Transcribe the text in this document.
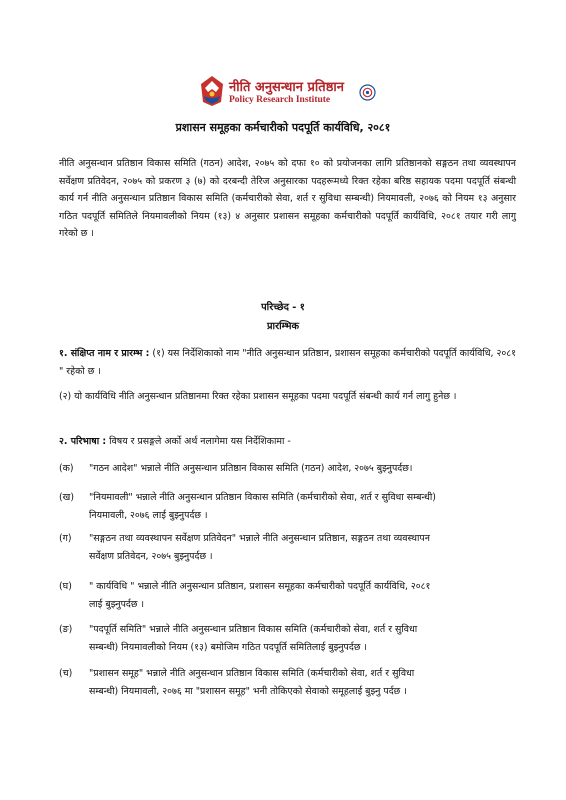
नीति अनुसन्धान प्रतिष्ठान
Policy Research Institute
प्रशासन समूहका कर्मचारीको पदपूर्ति कार्यविधि, २०८१
नीति अनुसन्धान प्रतिष्ठान विकास समिति (गठन) आदेश, २०७५ को दफा १० को प्रयोजनका लागि प्रतिष्ठानको सङ्गठन तथा व्यवस्थापन सर्वेक्षण प्रतिवेदन, २०७५ को प्रकरण ३ (७) को दरबन्दी तेरिज अनुसारका पदहरूमध्ये रिक्त रहेका बरिष्ठ सहायक पदमा पदपूर्ति संबन्धी कार्य गर्न नीति अनुसन्धान प्रतिष्ठान विकास समिति (कर्मचारीको सेवा, शर्त र सुविधा सम्बन्धी) नियमावली, २०७६ को नियम १३ अनुसार गठित पदपूर्ति समितिले नियमावलीको नियम (१३) ४ अनुसार प्रशासन समूहका कर्मचारीको पदपूर्ति कार्यविधि, २०८१ तयार गरी लागु गरेको छ ।
परिच्छेद - १
प्रारम्भिक
१. संक्षिप्त नाम र प्रारम्भ : (१) यस निर्देशिकाको नाम "नीति अनुसन्धान प्रतिष्ठान, प्रशासन समूहका कर्मचारीको पदपूर्ति कार्यविधि, २०८१ " रहेको छ ।
(२) यो कार्यविधि नीति अनुसन्धान प्रतिष्ठानमा रिक्त रहेका प्रशासन समूहका पदमा पदपूर्ति संबन्धी कार्य गर्न लागु हुनेछ ।
२. परिभाषा : विषय र प्रसङ्गले अर्को अर्थ नलागेमा यस निर्देशिकामा -
(क) "गठन आदेश" भन्नाले नीति अनुसन्धान प्रतिष्ठान विकास समिति (गठन) आदेश, २०७५ बुझ्नुपर्दछ।
(ख) "नियमावली" भन्नाले नीति अनुसन्धान प्रतिष्ठान विकास समिति (कर्मचारीको सेवा, शर्त र सुविधा सम्बन्धी)
नियमावली, २०७६ लाई बुझ्नुपर्दछ ।
(ग) "सङ्गठन तथा व्यवस्थापन सर्वेक्षण प्रतिवेदन" भन्नाले नीति अनुसन्धान प्रतिष्ठान, सङ्गठन तथा व्यवस्थापन
सर्वेक्षण प्रतिवेदन, २०७५ बुझ्नुपर्दछ ।
(घ) " कार्यविधि " भन्नाले नीति अनुसन्धान प्रतिष्ठान, प्रशासन समूहका कर्मचारीको पदपूर्ति कार्यविधि, २०८१
लाई बुझ्नुपर्दछ ।
(ङ) "पदपूर्ति समिति" भन्नाले नीति अनुसन्धान प्रतिष्ठान विकास समिति (कर्मचारीको सेवा, शर्त र सुविधा
सम्बन्धी) नियमावलीको नियम (१३) बमोजिम गठित पदपूर्ति समितिलाई बुझ्नुपर्दछ ।
(च) "प्रशासन समूह" भन्नाले नीति अनुसन्धान प्रतिष्ठान विकास समिति (कर्मचारीको सेवा, शर्त र सुविधा
सम्बन्धी) नियमावली, २०७६ मा "प्रशासन समूह" भनी तोकिएको सेवाको समूहलाई बुझ्नु पर्दछ ।
